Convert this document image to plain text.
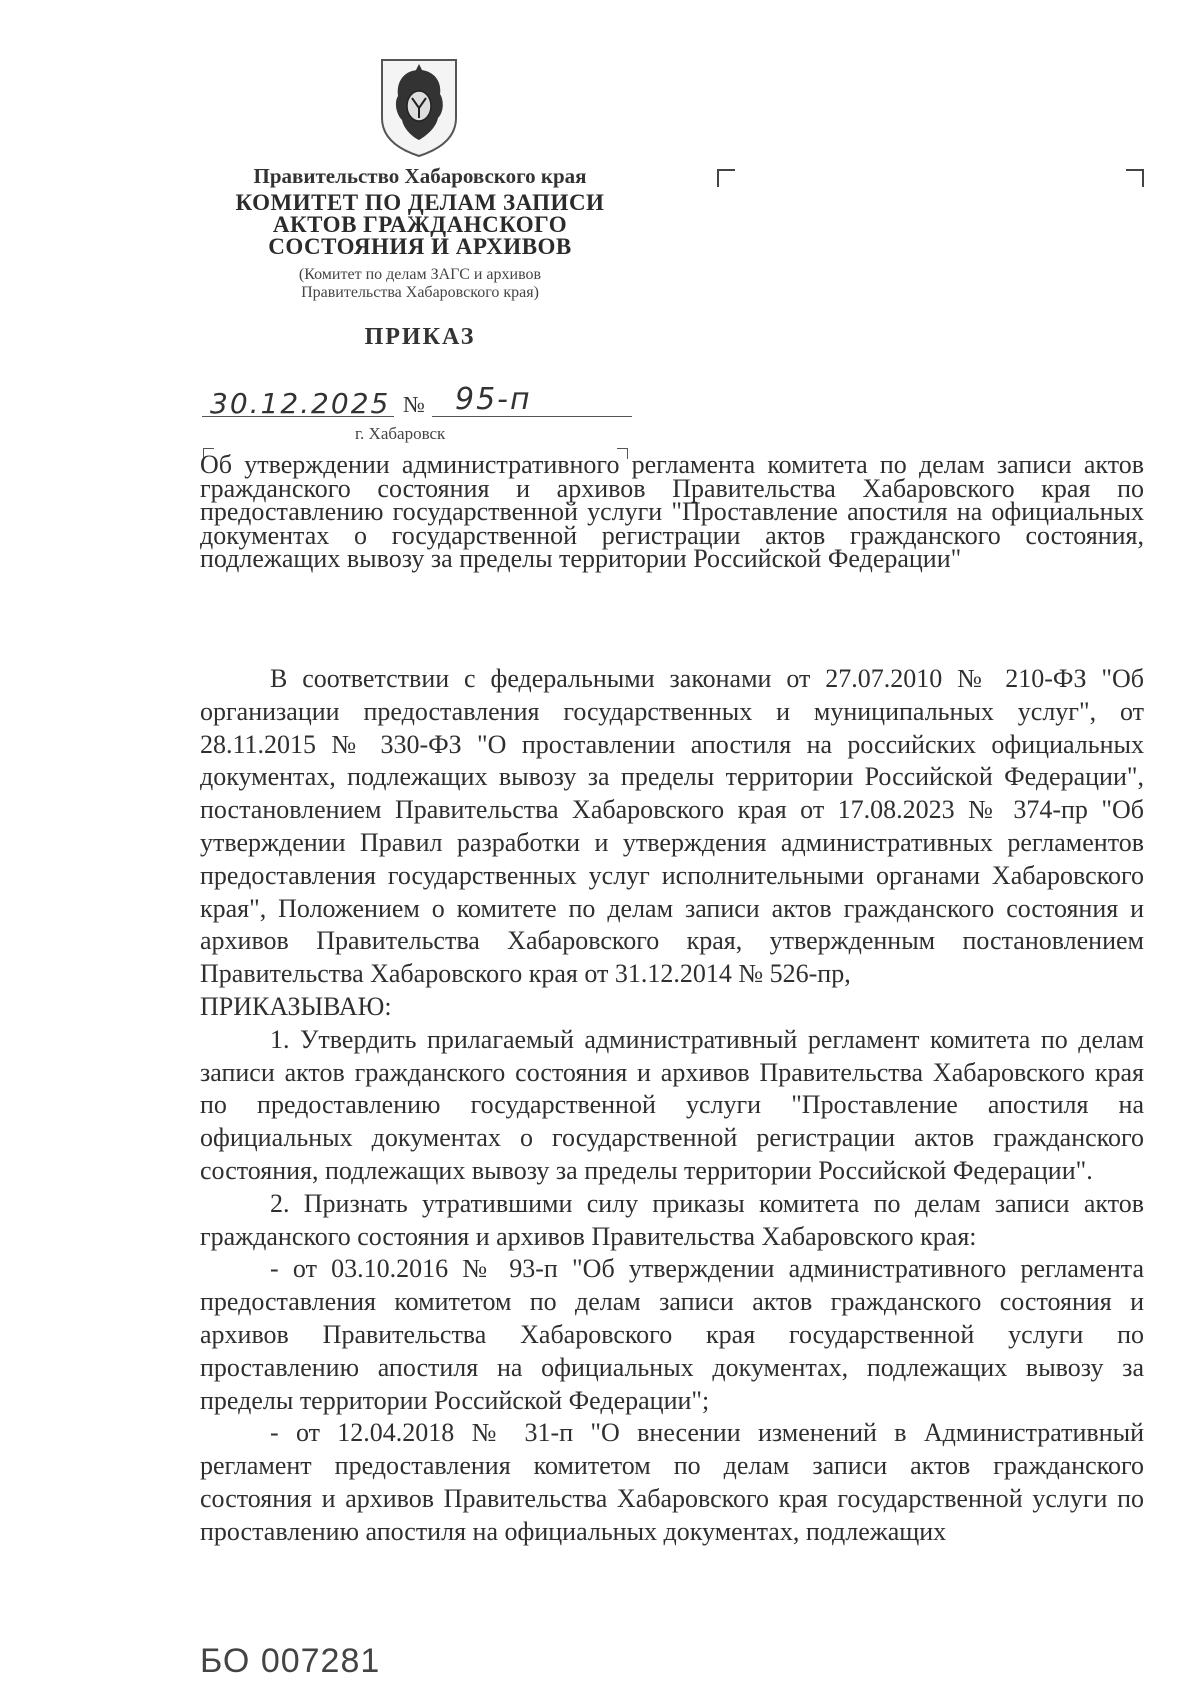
Правительство Хабаровского края
КОМИТЕТ ПО ДЕЛАМ ЗАПИСИ
АКТОВ ГРАЖДАНСКОГО
СОСТОЯНИЯ И АРХИВОВ
(Комитет по делам ЗАГС и архивов
Правительства Хабаровского края)
ПРИКАЗ
30.12.2025 № 95-п
г. Хабаровск

Об утверждении административного регламента комитета по делам записи актов гражданского состояния и архивов Правительства Хабаровского края по предоставлению государственной услуги "Проставление апостиля на официальных документах о государственной регистрации актов гражданского состояния, подлежащих вывозу за пределы территории Российской Федерации"

В соответствии с федеральными законами от 27.07.2010 № 210-ФЗ "Об организации предоставления государственных и муниципальных услуг", от 28.11.2015 № 330-ФЗ "О проставлении апостиля на российских официальных документах, подлежащих вывозу за пределы территории Российской Федерации", постановлением Правительства Хабаровского края от 17.08.2023 № 374-пр "Об утверждении Правил разработки и утверждения административных регламентов предоставления государственных услуг исполнительными органами Хабаровского края", Положением о комитете по делам записи актов гражданского состояния и архивов Правительства Хабаровского края, утвержденным постановлением Правительства Хабаровского края от 31.12.2014 № 526-пр,

ПРИКАЗЫВАЮ:

1. Утвердить прилагаемый административный регламент комитета по делам записи актов гражданского состояния и архивов Правительства Хабаровского края по предоставлению государственной услуги "Проставление апостиля на официальных документах о государственной регистрации актов гражданского состояния, подлежащих вывозу за пределы территории Российской Федерации".

2. Признать утратившими силу приказы комитета по делам записи актов гражданского состояния и архивов Правительства Хабаровского края:

- от 03.10.2016 № 93-п "Об утверждении административного регламента предоставления комитетом по делам записи актов гражданского состояния и архивов Правительства Хабаровского края государственной услуги по проставлению апостиля на официальных документах, подлежащих вывозу за пределы территории Российской Федерации";

- от 12.04.2018 № 31-п "О внесении изменений в Административный регламент предоставления комитетом по делам записи актов гражданского состояния и архивов Правительства Хабаровского края государственной услуги по проставлению апостиля на официальных документах, подлежащих

БО 007281
